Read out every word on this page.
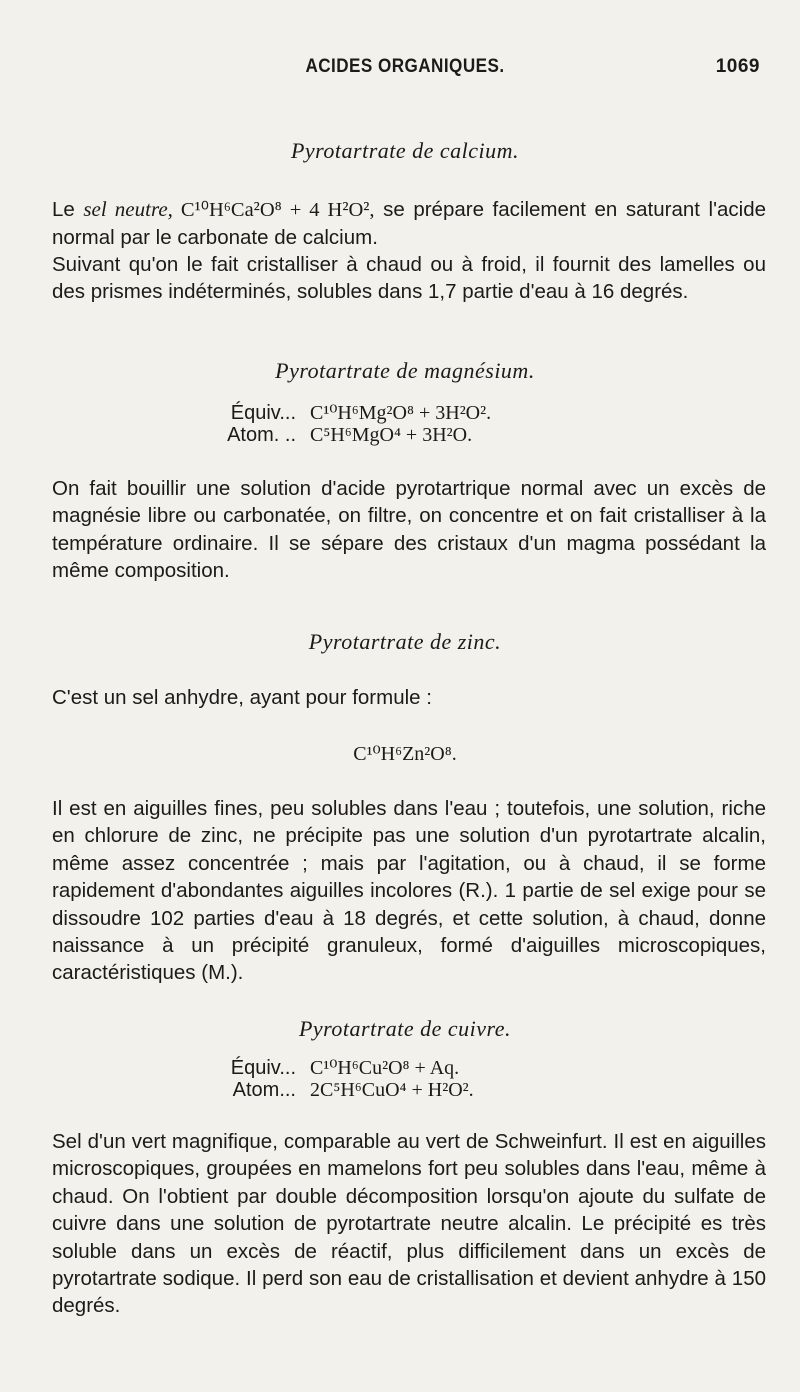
ACIDES ORGANIQUES.	1069
Pyrotartrate de calcium.
Le sel neutre, C¹⁰H⁶Ca²O⁸ + 4 H²O², se prépare facilement en saturant l'acide normal par le carbonate de calcium.
Suivant qu'on le fait cristalliser à chaud ou à froid, il fournit des lamelles ou des prismes indéterminés, solubles dans 1,7 partie d'eau à 16 degrés.
Pyrotartrate de magnésium.
Équiv... C¹⁰H⁶Mg²O⁸ + 3H²O².
Atom. .. C⁵H⁶MgO⁴ + 3H²O.
On fait bouillir une solution d'acide pyrotartrique normal avec un excès de magnésie libre ou carbonatée, on filtre, on concentre et on fait cristalliser à la température ordinaire. Il se sépare des cristaux d'un magma possédant la même composition.
Pyrotartrate de zinc.
C'est un sel anhydre, ayant pour formule :
C¹⁰H⁶Zn²O⁸.
Il est en aiguilles fines, peu solubles dans l'eau ; toutefois, une solution, riche en chlorure de zinc, ne précipite pas une solution d'un pyrotartrate alcalin, même assez concentrée ; mais par l'agitation, ou à chaud, il se forme rapidement d'abondantes aiguilles incolores (R.). 1 partie de sel exige pour se dissoudre 102 parties d'eau à 18 degrés, et cette solution, à chaud, donne naissance à un précipité granuleux, formé d'aiguilles microscopiques, caractéristiques (M.).
Pyrotartrate de cuivre.
Équiv... C¹⁰H⁶Cu²O⁸ + Aq.
Atom... 2C⁵H⁶CuO⁴ + H²O².
Sel d'un vert magnifique, comparable au vert de Schweinfurt. Il est en aiguilles microscopiques, groupées en mamelons fort peu solubles dans l'eau, même à chaud. On l'obtient par double décomposition lorsqu'on ajoute du sulfate de cuivre dans une solution de pyrotartrate neutre alcalin. Le précipité es très soluble dans un excès de réactif, plus difficilement dans un excès de pyrotartrate sodique. Il perd son eau de cristallisation et devient anhydre à 150 degrés.
